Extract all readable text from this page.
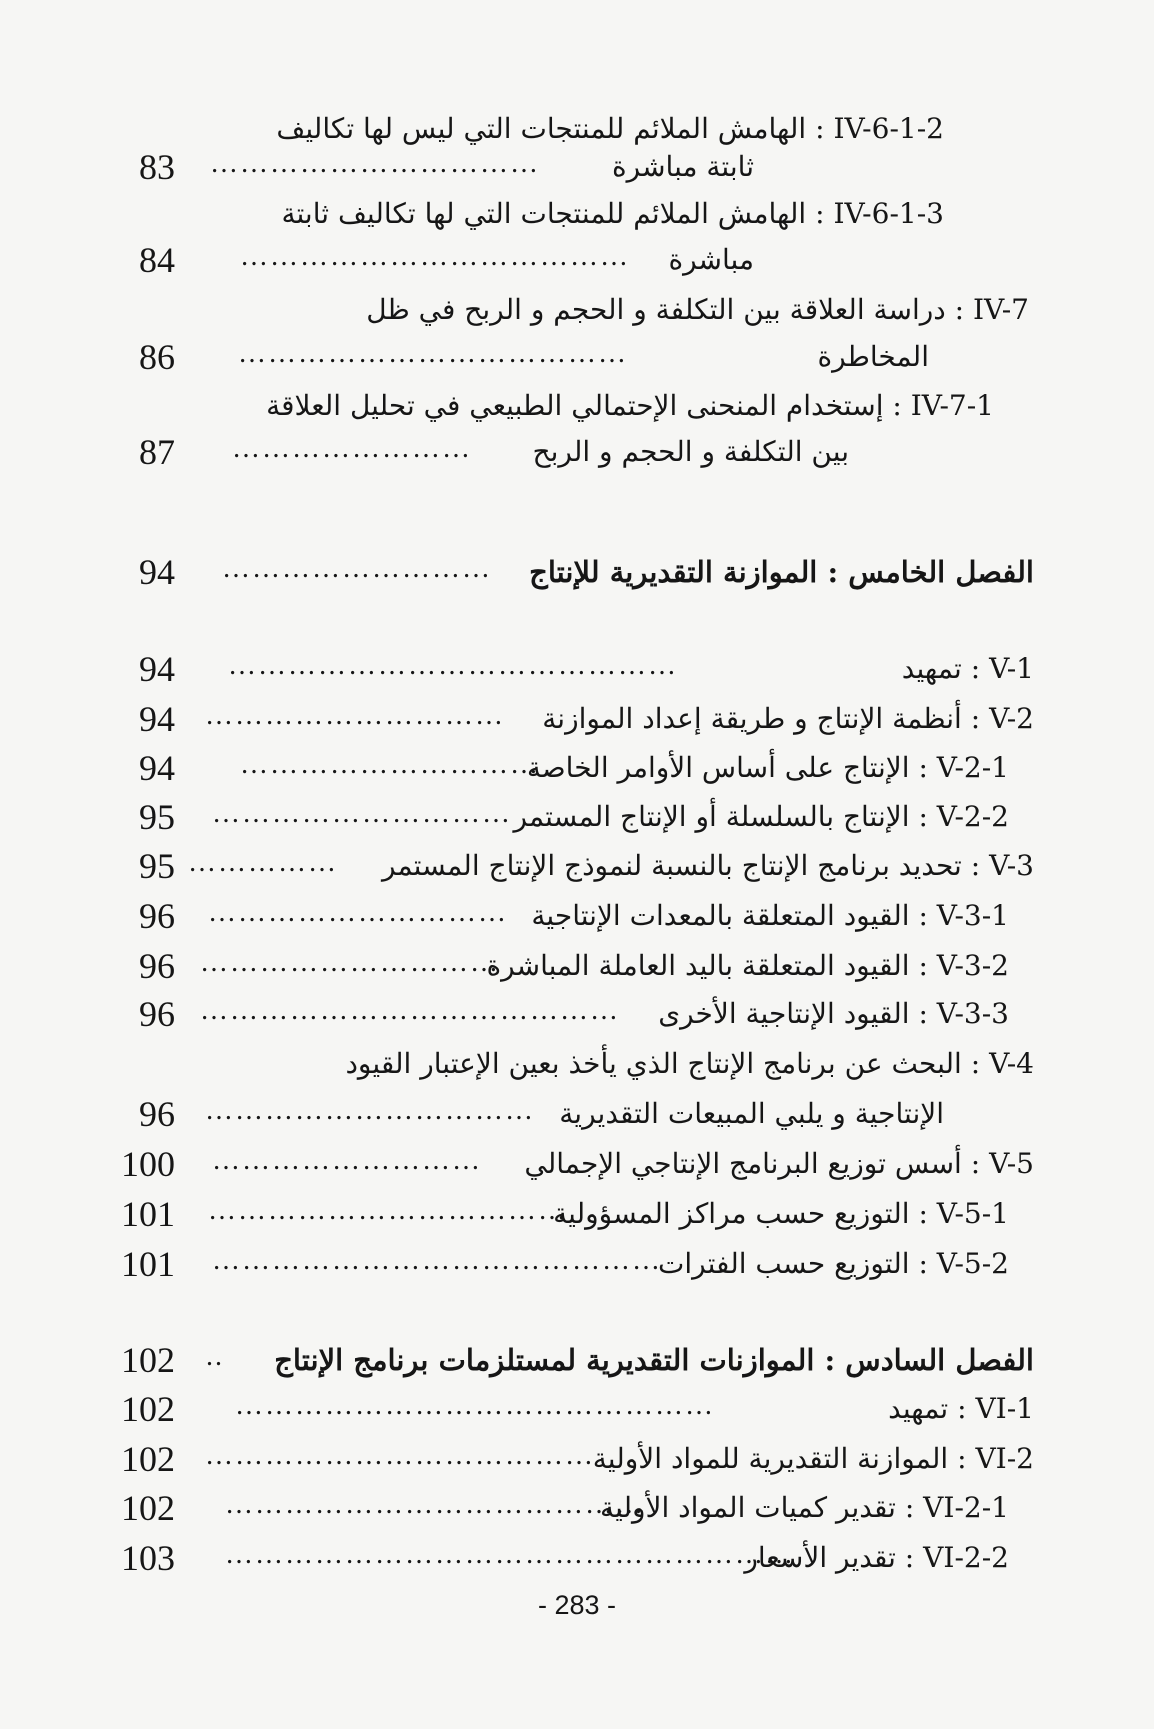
IV-6-1-2 : الهامش الملائم للمنتجات التي ليس لها تكاليف
83	ثابتة مباشرة
……………………………
IV-6-1-3 : الهامش الملائم للمنتجات التي لها تكاليف ثابتة
84	مباشرة
…………………………………
IV-7 : دراسة العلاقة بين التكلفة و الحجم و الربح في ظل
86	المخاطرة
…………………………………
IV-7-1 : إستخدام المنحنى الإحتمالي الطبيعي في تحليل العلاقة
87	بين التكلفة و الحجم و الربح
……………………
94	الفصل الخامس : الموازنة التقديرية للإنتاج
………………………
94	V-1 : تمهيد
………………………………………
94	V-2 : أنظمة الإنتاج و طريقة إعداد الموازنة
…………………………
94	V-2-1 : الإنتاج على أساس الأوامر الخاصة
…………………………
95	V-2-2 : الإنتاج بالسلسلة أو الإنتاج المستمر
…………………………
95	V-3 : تحديد برنامج الإنتاج بالنسبة لنموذج الإنتاج المستمر
……………
96	V-3-1 : القيود المتعلقة بالمعدات الإنتاجية
…………………………
96	V-3-2 : القيود المتعلقة باليد العاملة المباشرة
…………………………
96	V-3-3 : القيود الإنتاجية الأخرى
……………………………………
V-4 : البحث عن برنامج الإنتاج الذي يأخذ بعين الإعتبار القيود
96	الإنتاجية و يلبي المبيعات التقديرية
……………………………
100	V-5 : أسس توزيع البرنامج الإنتاجي الإجمالي
………………………
101	V-5-1 : التوزيع حسب مراكز المسؤولية
………………………………
101	V-5-2 : التوزيع حسب الفترات
………………………………………
102	الفصل السادس : الموازنات التقديرية لمستلزمات برنامج الإنتاج
..
102	VI-1 : تمهيد
…………………………………………
102	VI-2 : الموازنة التقديرية للمواد الأولية
…………………………………
102	VI-2-1 : تقدير كميات المواد الأولية
……………………………………
103	VI-2-2 : تقدير الأسعار
…………………………………………………
- 283 -
